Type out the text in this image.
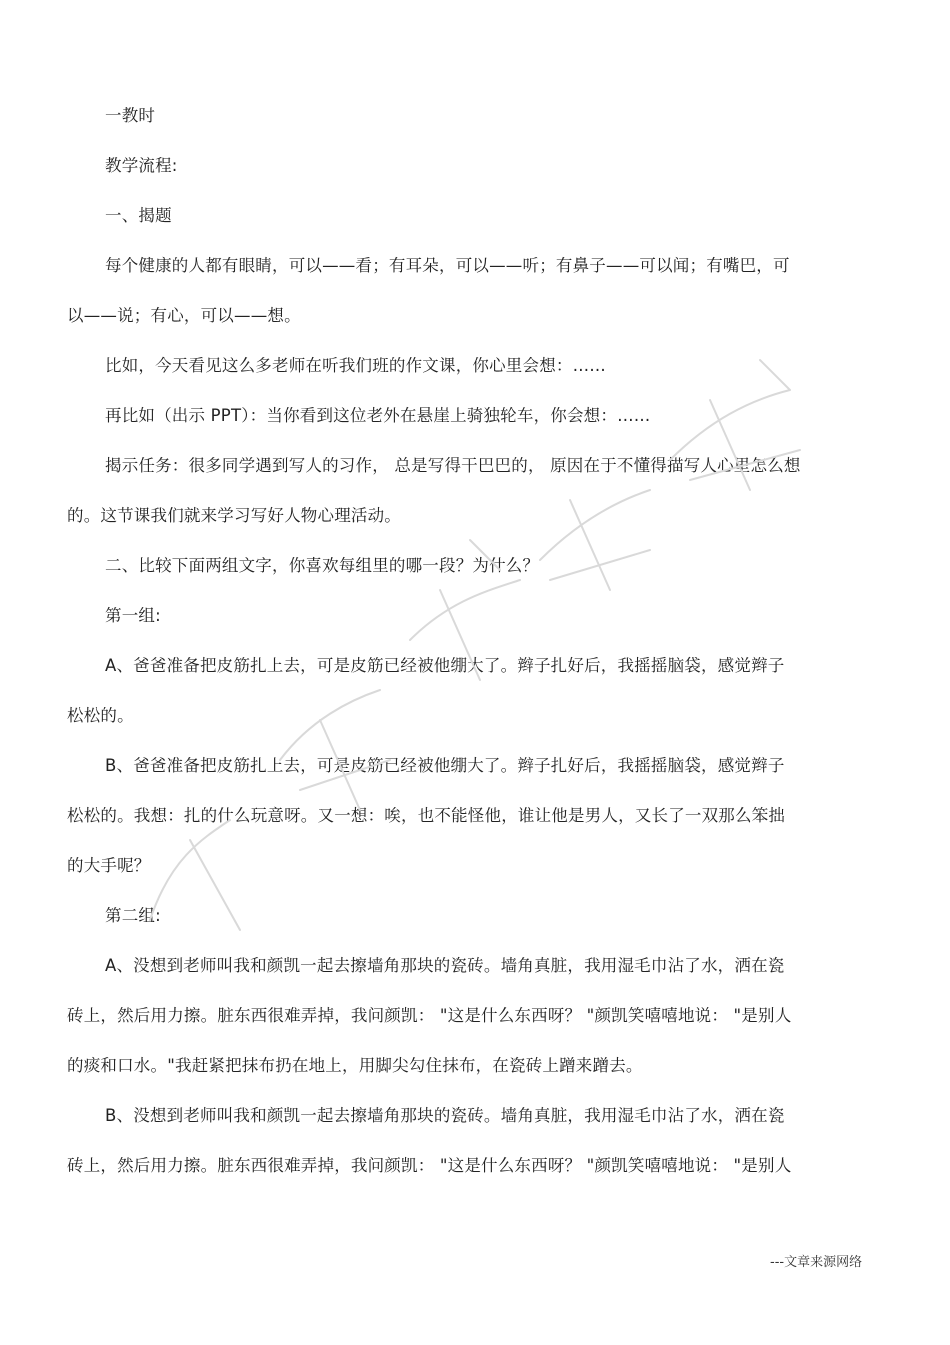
一教时
教学流程:
一、揭题
每个健康的人都有眼睛，可以——看；有耳朵，可以——听；有鼻子——可以闻；有嘴巴，可
以——说；有心，可以——想。
比如，今天看见这么多老师在听我们班的作文课，你心里会想：……
再比如（出示 PPT）：当你看到这位老外在悬崖上骑独轮车，你会想：……
揭示任务：很多同学遇到写人的习作， 总是写得干巴巴的， 原因在于不懂得描写人心里怎么想
的。这节课我们就来学习写好人物心理活动。
二、比较下面两组文字，你喜欢每组里的哪一段？为什么？
第一组:
A、爸爸准备把皮筋扎上去，可是皮筋已经被他绷大了。辫子扎好后，我摇摇脑袋，感觉辫子
松松的。
B、爸爸准备把皮筋扎上去，可是皮筋已经被他绷大了。辫子扎好后，我摇摇脑袋，感觉辫子
松松的。我想：扎的什么玩意呀。又一想：唉，也不能怪他，谁让他是男人，又长了一双那么笨拙
的大手呢？
第二组:
A、没想到老师叫我和颜凯一起去擦墙角那块的瓷砖。墙角真脏，我用湿毛巾沾了水，洒在瓷
砖上，然后用力擦。脏东西很难弄掉，我问颜凯： "这是什么东西呀？ "颜凯笑嘻嘻地说： "是别人
的痰和口水。"我赶紧把抹布扔在地上，用脚尖勾住抹布，在瓷砖上蹭来蹭去。
B、没想到老师叫我和颜凯一起去擦墙角那块的瓷砖。墙角真脏，我用湿毛巾沾了水，洒在瓷
砖上，然后用力擦。脏东西很难弄掉，我问颜凯： "这是什么东西呀？ "颜凯笑嘻嘻地说： "是别人
---文章来源网络
